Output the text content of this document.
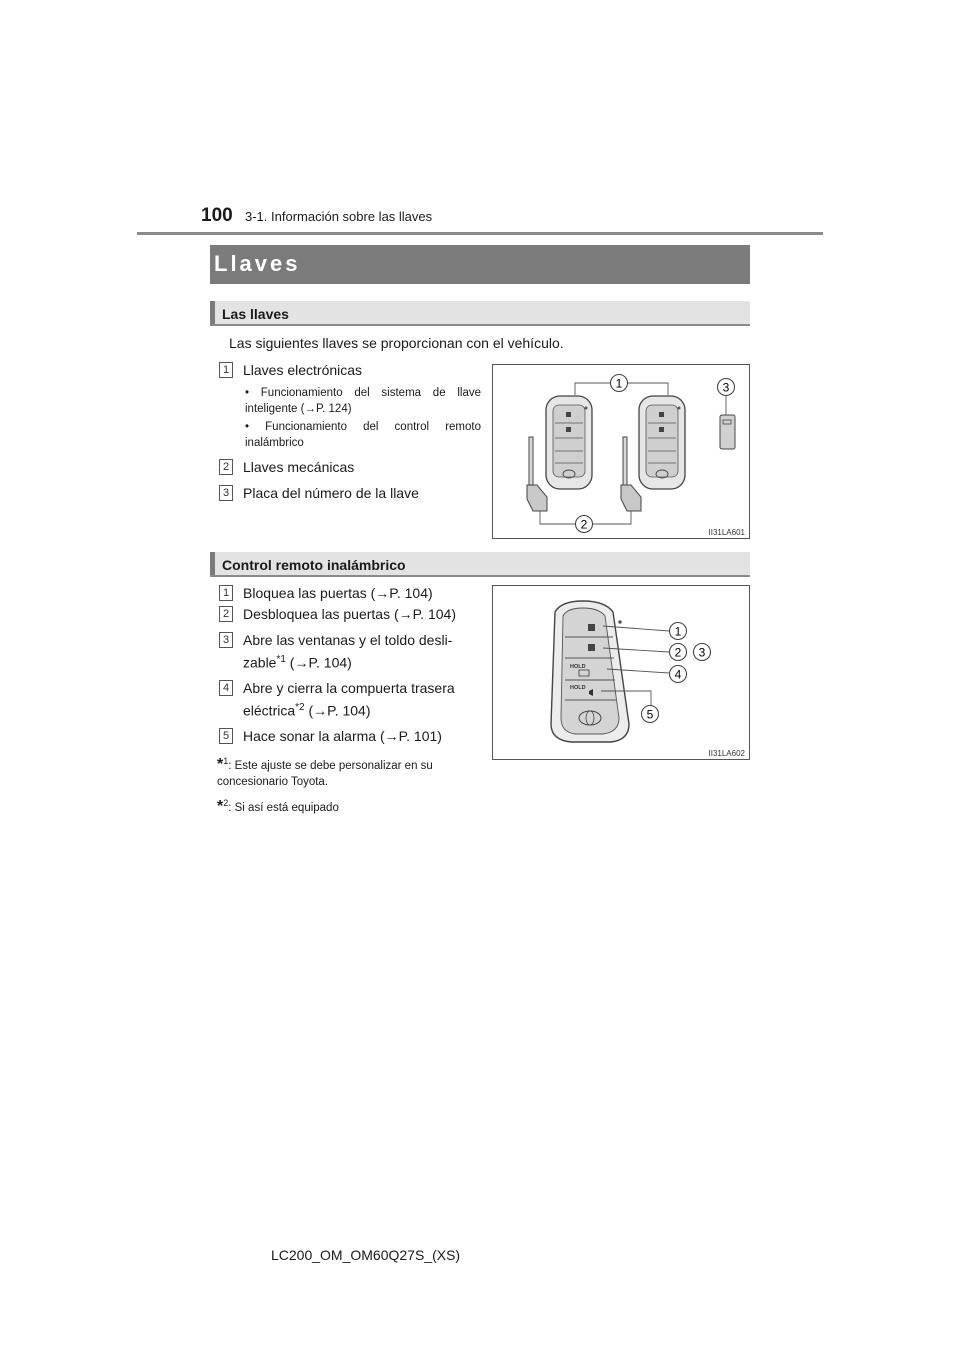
100 3-1. Información sobre las llaves
Llaves
Las llaves
Las siguientes llaves se proporcionan con el vehículo.
1 Llaves electrónicas
• Funcionamiento del sistema de llave inteligente (→P. 124)
• Funcionamiento del control remoto inalámbrico
2 Llaves mecánicas
3 Placa del número de la llave
1
2
3
II31LA601
Control remoto inalámbrico
1 Bloquea las puertas (→P. 104)
2 Desbloquea las puertas (→P. 104)
3 Abre las ventanas y el toldo desli-
zable$^{*1}$ (→P. 104)
4 Abre y cierra la compuerta trasera
eléctrica$^{*2}$ (→P. 104)
5 Hace sonar la alarma (→P. 101)
*$^1$: Este ajuste se debe personalizar en su concesionario Toyota.
*$^2$: Si así está equipado
HOLD
HOLD
1
2 3
4
5
II31LA602
LC200_OM_OM60Q27S_(XS)
